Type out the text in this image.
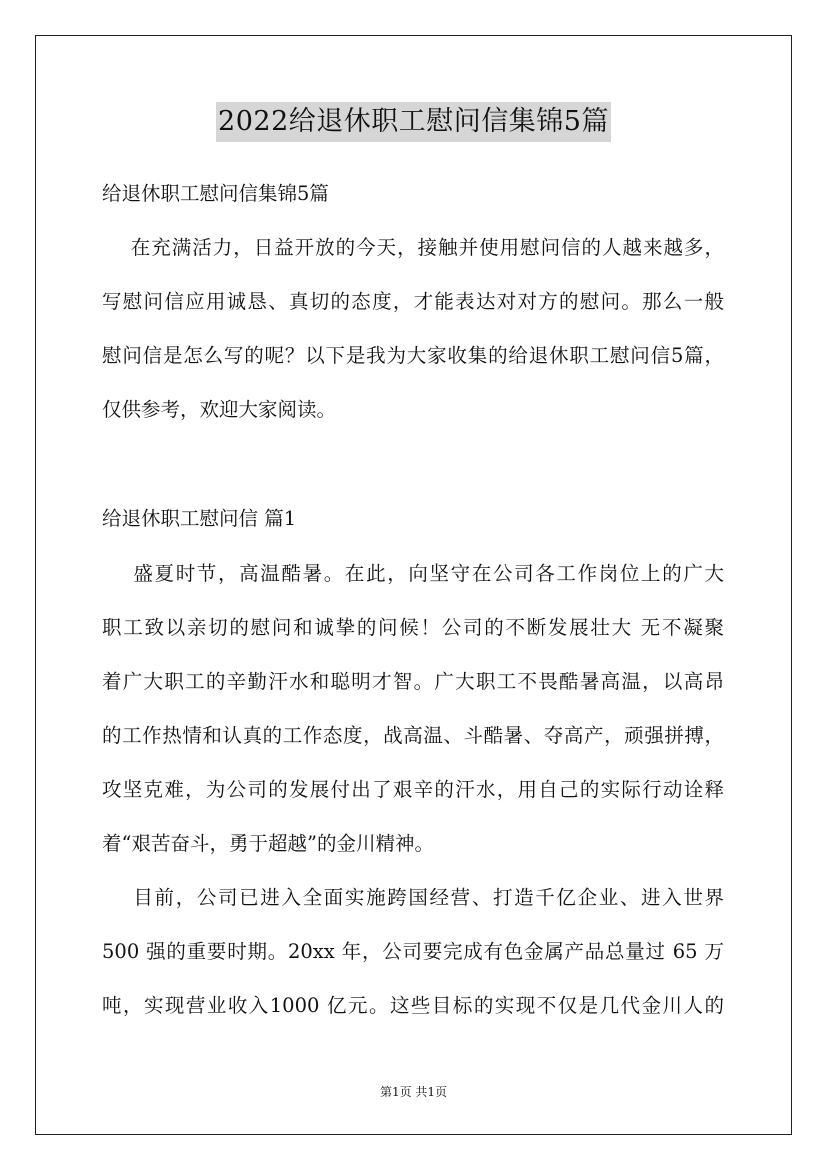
2022给退休职工慰问信集锦5篇
给退休职工慰问信集锦5篇
在充满活力，日益开放的今天，接触并使用慰问信的人越来越多，
写慰问信应用诚恳、真切的态度，才能表达对对方的慰问。那么一般
慰问信是怎么写的呢？以下是我为大家收集的给退休职工慰问信5篇，
仅供参考，欢迎大家阅读。
给退休职工慰问信 篇1
盛夏时节，高温酷暑。在此，向坚守在公司各工作岗位上的广大
职工致以亲切的慰问和诚挚的问候！公司的不断发展壮大 无不凝聚
着广大职工的辛勤汗水和聪明才智。广大职工不畏酷暑高温，以高昂
的工作热情和认真的工作态度，战高温、斗酷暑、夺高产，顽强拼搏，
攻坚克难，为公司的发展付出了艰辛的汗水，用自己的实际行动诠释
着“艰苦奋斗，勇于超越”的金川精神。
目前，公司已进入全面实施跨国经营、打造千亿企业、进入世界
500 强的重要时期。20xx 年，公司要完成有色金属产品总量过 65 万
吨，实现营业收入1000 亿元。这些目标的实现不仅是几代金川人的
第1页 共1页
